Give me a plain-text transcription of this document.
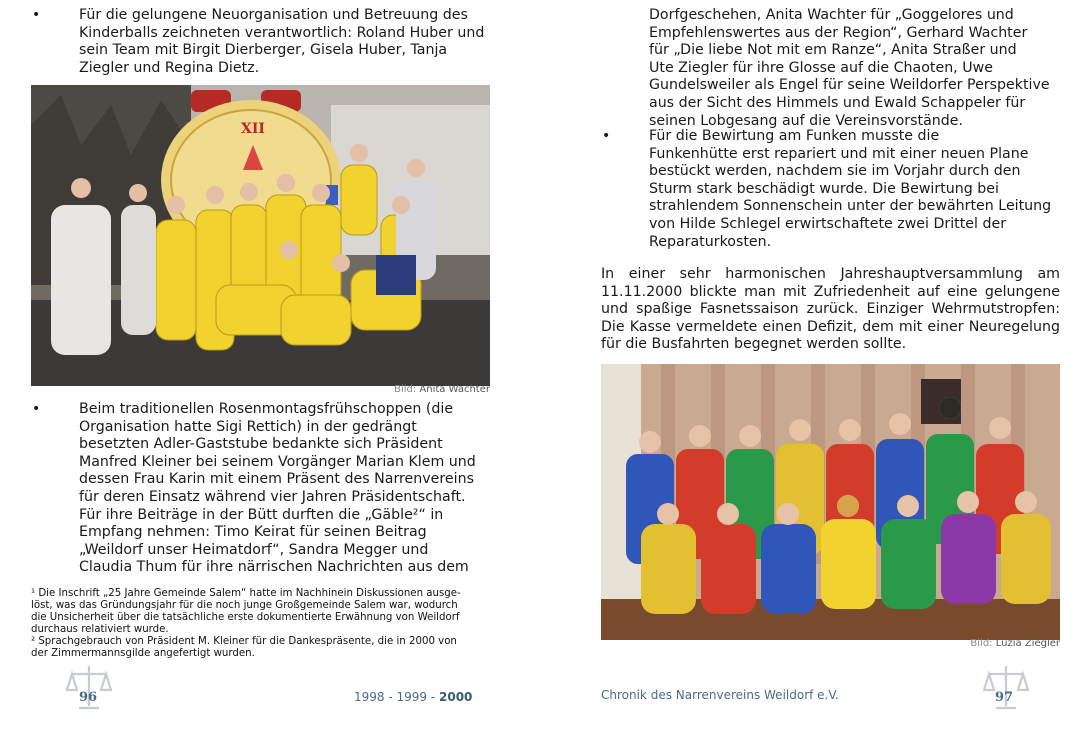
•	Für die gelungene Neuorganisation und Betreuung des Kinderballs zeichneten verantwortlich: Roland Huber und sein Team mit Birgit Dierberger, Gisela Huber, Tanja Ziegler und Regina Dietz.
XII
Bild: Anita Wachter
•	Beim traditionellen Rosenmontagsfrühschoppen (die
Organisation hatte Sigi Rettich) in der gedrängt
besetzten Adler-Gaststube bedankte sich Präsident
Manfred Kleiner bei seinem Vorgänger Marian Klem und
dessen Frau Karin mit einem Präsent des Narrenvereins
für deren Einsatz während vier Jahren Präsidentschaft.
Für ihre Beiträge in der Bütt durften die „Gäble²“ in
Empfang nehmen: Timo Keirat für seinen Beitrag
„Weildorf unser Heimatdorf“, Sandra Megger und
Claudia Thum für ihre närrischen Nachrichten aus dem

¹ Die Inschrift „25 Jahre Gemeinde Salem“ hatte im Nachhinein Diskussionen ausge-

löst, was das Gründungsjahr für die noch junge Großgemeinde Salem war, wodurch

die Unsicherheit über die tatsächliche erste dokumentierte Erwähnung von Weildorf

durchaus relativiert wurde.

² Sprachgebrauch von Präsident M. Kleiner für die Dankespräsente, die in 2000 von

der Zimmermannsgilde angefertigt wurden.

96	1998 - 1999 - 2000
Dorfgeschehen, Anita Wachter für „Goggelores und
Empfehlenswertes aus der Region“, Gerhard Wachter
für „Die liebe Not mit em Ranze“, Anita Straßer und
Ute Ziegler für ihre Glosse auf die Chaoten, Uwe
Gundelsweiler als Engel für seine Weildorfer Perspektive
aus der Sicht des Himmels und Ewald Schappeler für
seinen Lobgesang auf die Vereinsvorstände.
•	Für die Bewirtung am Funken musste die
Funkenhütte erst repariert und mit einer neuen Plane
bestückt werden, nachdem sie im Vorjahr durch den
Sturm stark beschädigt wurde. Die Bewirtung bei
strahlendem Sonnenschein unter der bewährten Leitung
von Hilde Schlegel erwirtschaftete zwei Drittel der
Reparaturkosten.
In einer sehr harmonischen Jahreshauptversammlung am 11.11.2000 blickte man mit Zufriedenheit auf eine gelungene und spaßige Fasnetssaison zurück. Einziger Wehrmutstropfen: Die Kasse vermeldete einen Defizit, dem mit einer Neuregelung für die Busfahrten begegnet werden sollte.
Bild: Luzia Ziegler
Chronik des Narrenvereins Weildorf e.V.	97
